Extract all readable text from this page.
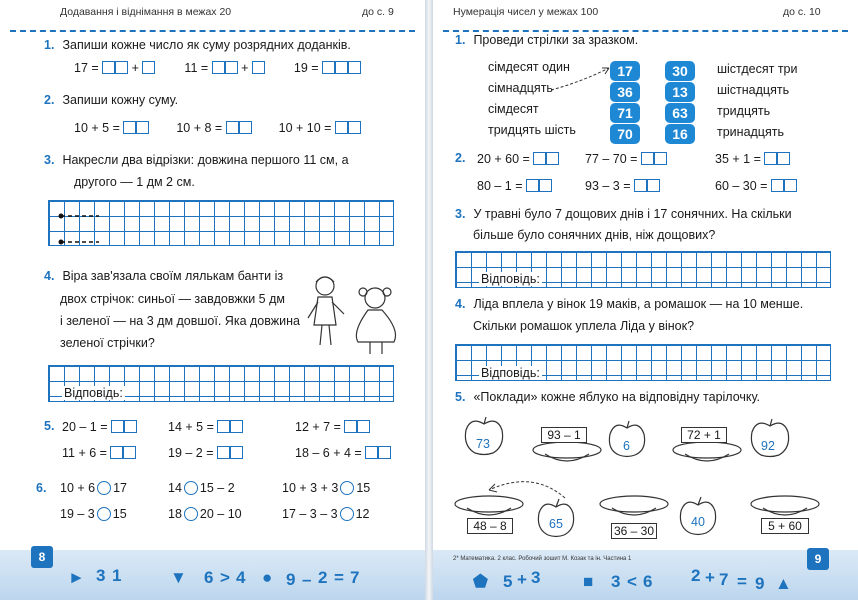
Додавання і віднімання в межах 20	до с. 9
1. Запиши кожне число як суму розрядних доданків.
17 =	+	11 =	+	19 =
2. Запиши кожну суму.
10 + 5 =	10 + 8 =	10 + 10 =
3. Накресли два відрізки: довжина першого 11 см, а
другого — 1 дм 2 см.
4. Віра зав'язала своїм лялькам банти із
двох стрічок: синьої — завдовжки 5 дм
і зеленої — на 3 дм довшої. Яка довжина
зеленої стрічки?
Відповідь:
5. 20 – 1 =	14 + 5 =	12 + 7 =
11 + 6 =	19 – 2 =	18 – 6 + 4 =
6.	10 + 6 17	14 15 – 2	10 + 3 + 3 15
19 – 3 15	18 20 – 10	17 – 3 – 3 12
8
► 3 1	▼ 6 > 4 ● 9 – 2 = 7
Нумерація чисел у межах 100	до с. 10
1. Проведи стрілки за зразком.
сімдесят один
сімнадцять
сімдесят
тридцять шість
17
36
71
70
30
13
63
16
шістдесят три
шістнадцять
тридцять
тринадцять
2. 20 + 60 =	77 – 70 =	35 + 1 =
80 – 1 =	93 – 3 =	60 – 30 =
3. У травні було 7 дощових днів і 17 сонячних. На скільки
більше було сонячних днів, ніж дощових?
Відповідь:
4. Ліда вплела у вінок 19 маків, а ромашок — на 10 менше.
Скільки ромашок уплела Ліда у вінок?
Відповідь:
5. «Поклади» кожне яблуко на відповідну тарілочку.
73
93 – 1
6
72 + 1
92
48 – 8	65	36 – 30
40	5 + 60
2* Математика. 2 клас. Робочий зошит М. Козак та ін. Частина 1	9
⬟ 5 + 3	■ 3 < 6 2 + 7 = 9 ▲
